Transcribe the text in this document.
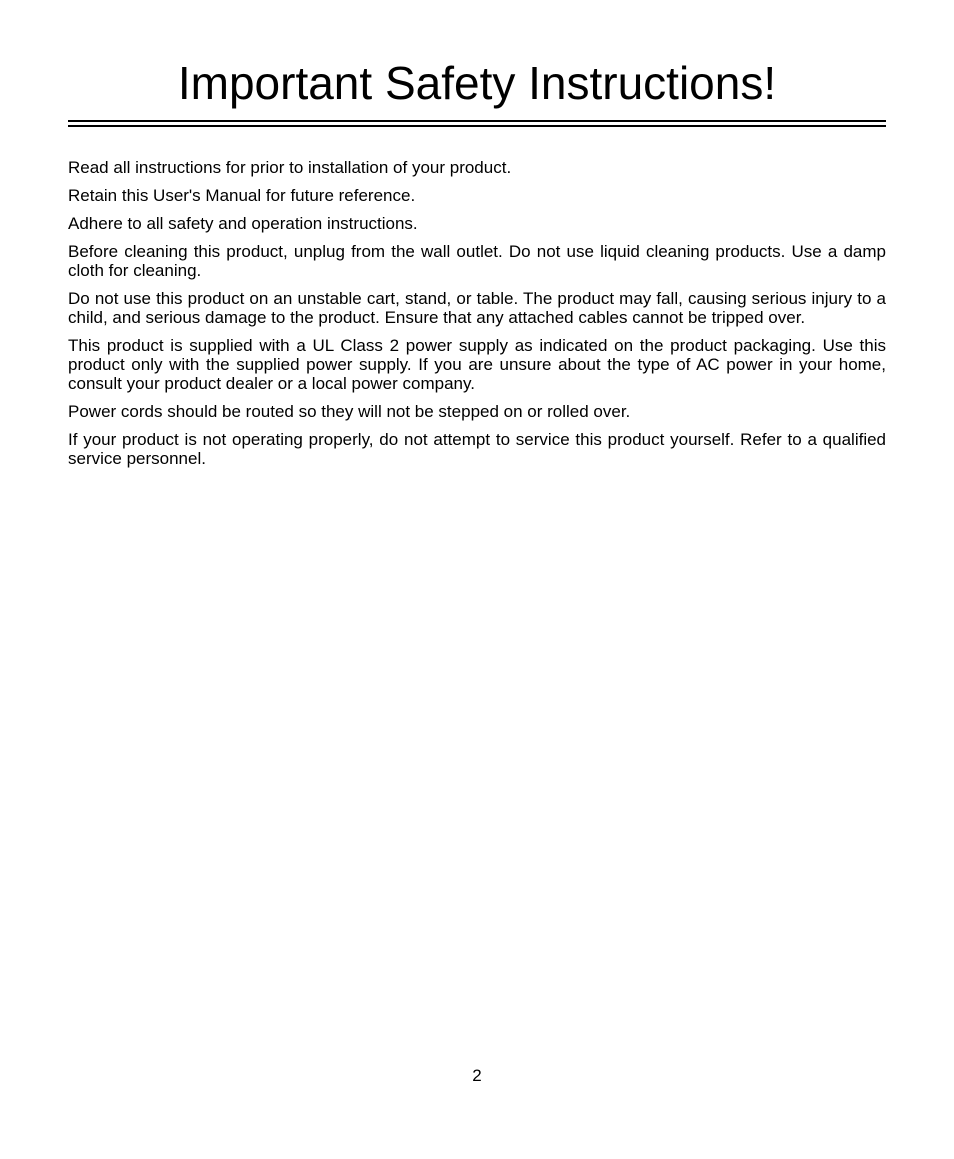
Important Safety Instructions!

Read all instructions for prior to installation of your product.

Retain this User's Manual for future reference.

Adhere to all safety and operation instructions.

Before cleaning this product, unplug from the wall outlet. Do not use liquid cleaning products. Use a damp cloth for cleaning.

Do not use this product on an unstable cart, stand, or table. The product may fall, causing serious injury to a child, and serious damage to the product. Ensure that any attached cables cannot be tripped over.

This product is supplied with a UL Class 2 power supply as indicated on the product packaging. Use this product only with the supplied power supply. If you are unsure about the type of AC power in your home, consult your product dealer or a local power company.

Power cords should be routed so they will not be stepped on or rolled over.

If your product is not operating properly, do not attempt to service this product yourself. Refer to a qualified service personnel.

2
